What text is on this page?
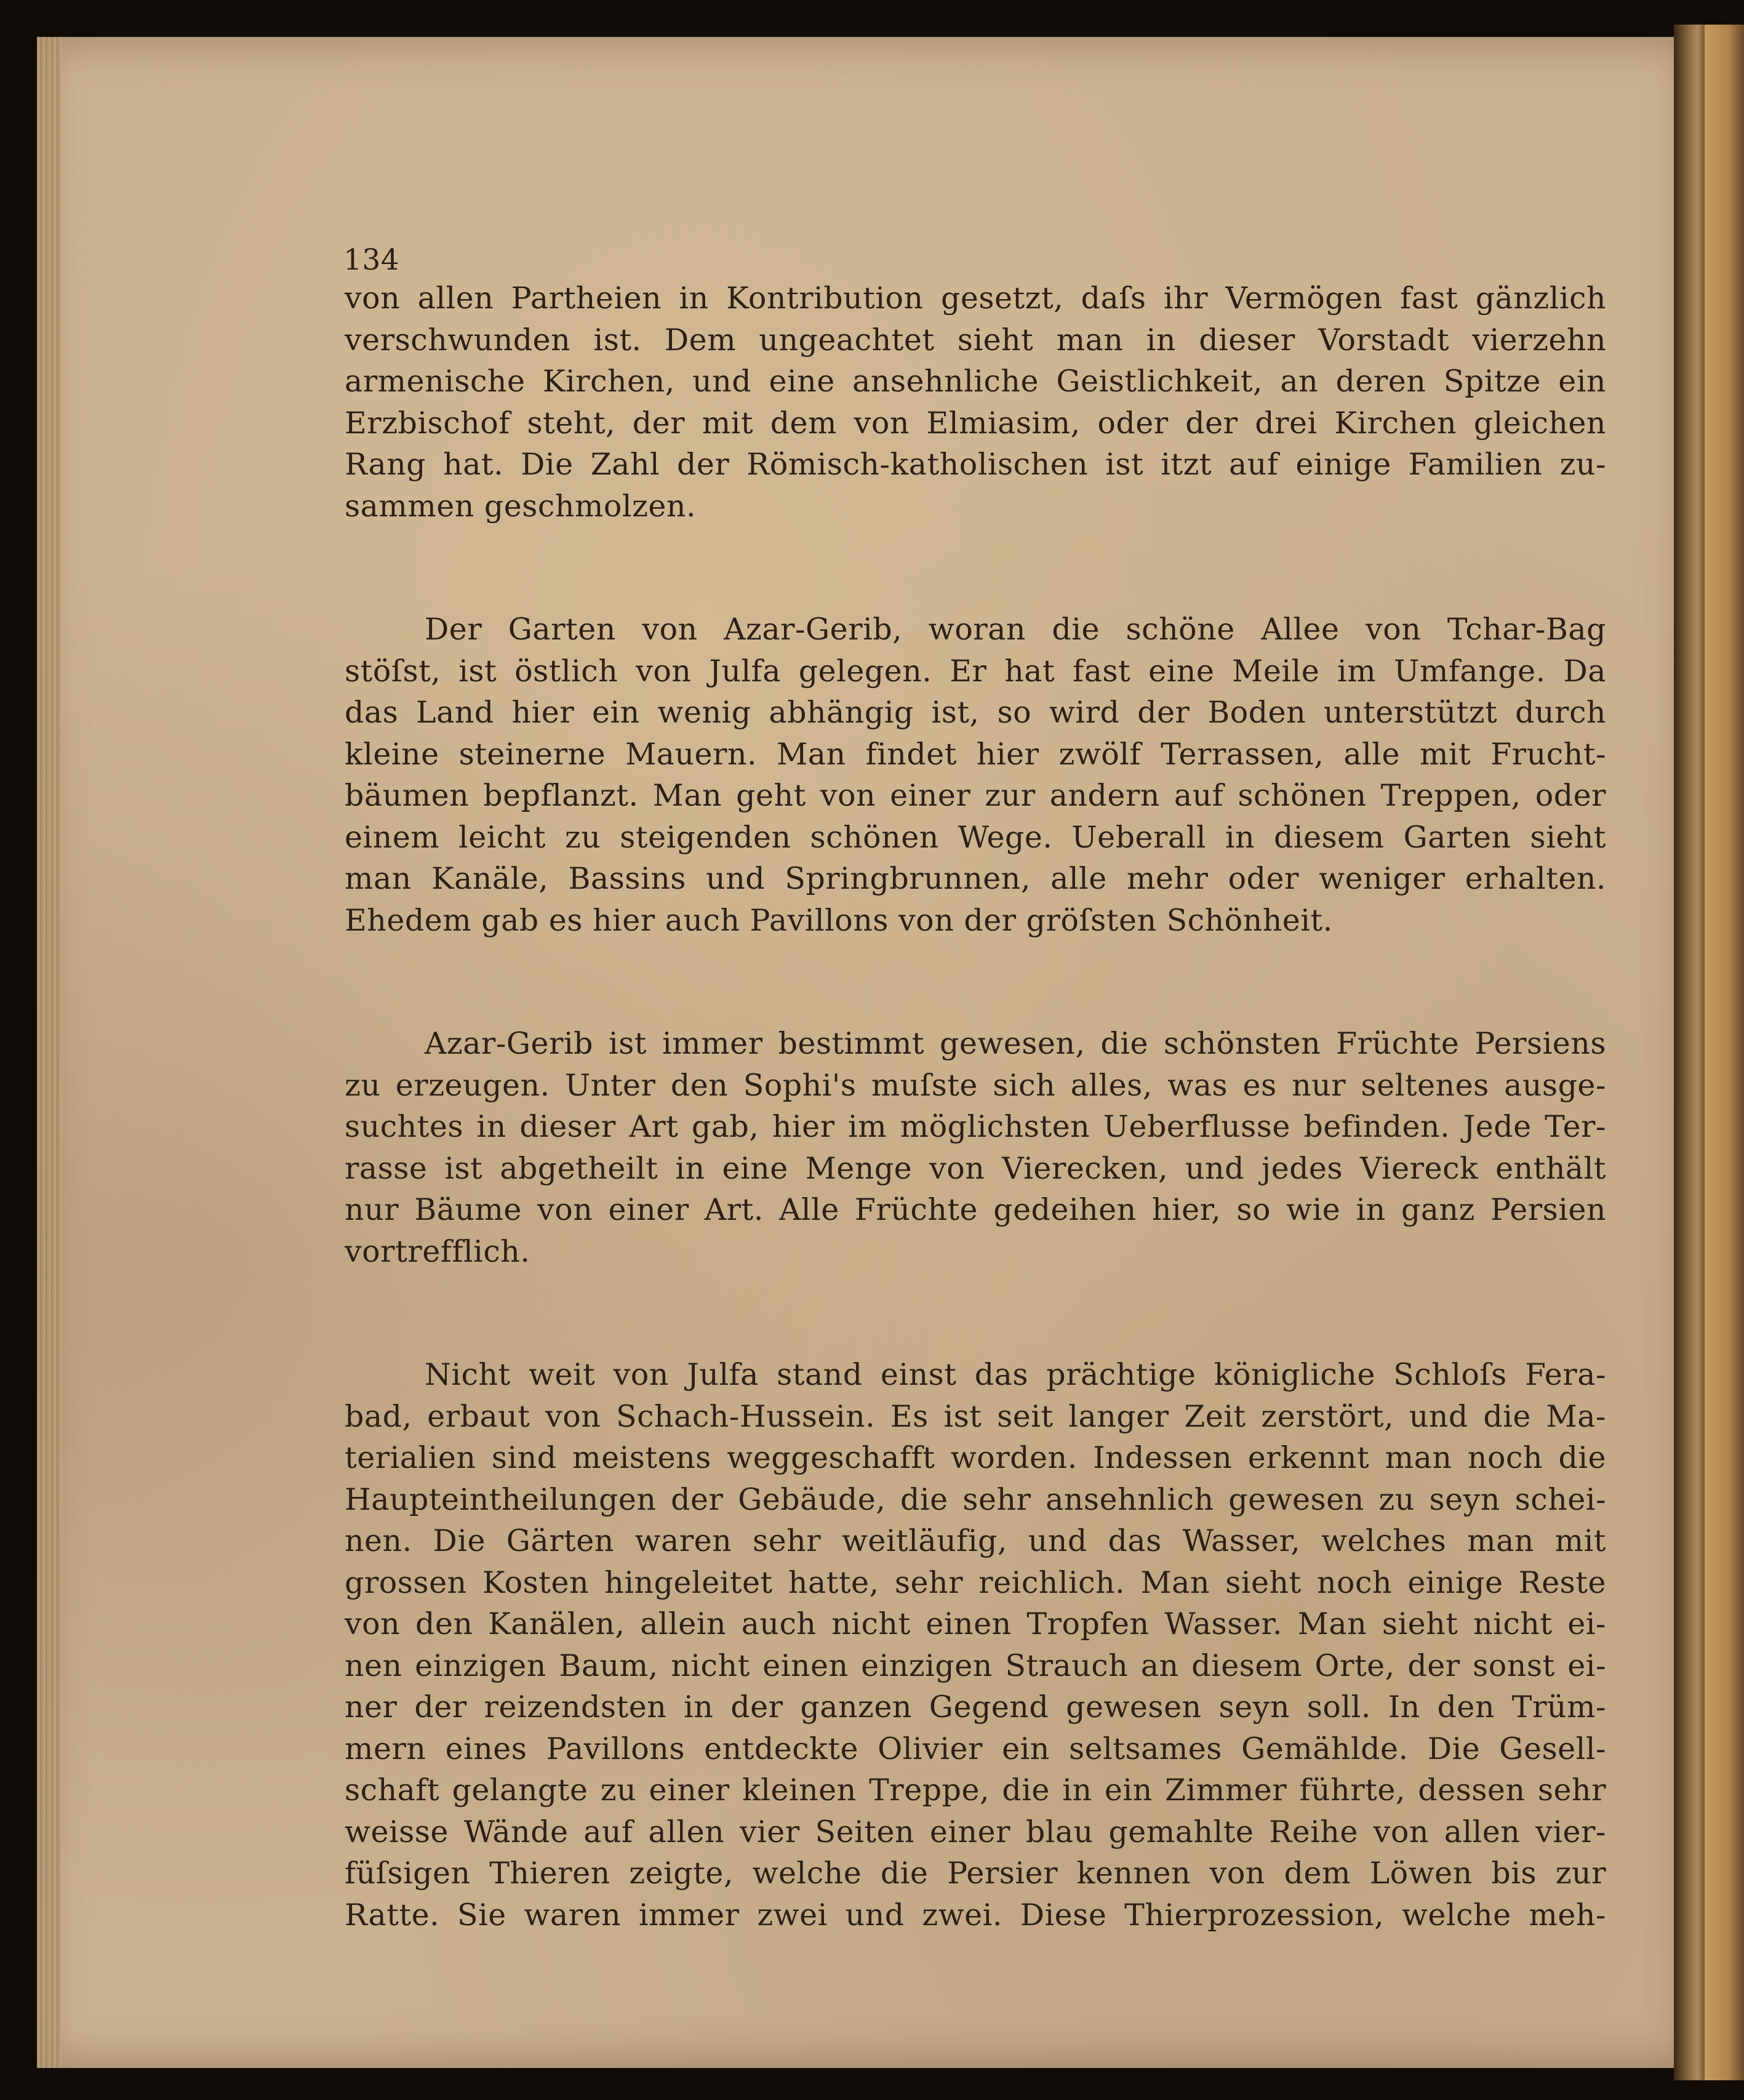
134

von allen Partheien in Kontribution gesetzt, daſs ihr Vermögen fast gänzlich

verschwunden ist. Dem ungeachtet sieht man in dieser Vorstadt vierzehn

armenische Kirchen, und eine ansehnliche Geistlichkeit, an deren Spitze ein

Erzbischof steht, der mit dem von Elmiasim, oder der drei Kirchen gleichen

Rang hat. Die Zahl der Römisch-katholischen ist itzt auf einige Familien zu-

sammen geschmolzen.

Der Garten von Azar-Gerib, woran die schöne Allee von Tchar-Bag

stöſst, ist östlich von Julfa gelegen. Er hat fast eine Meile im Umfange. Da

das Land hier ein wenig abhängig ist, so wird der Boden unterstützt durch

kleine steinerne Mauern. Man findet hier zwölf Terrassen, alle mit Frucht-

bäumen bepflanzt. Man geht von einer zur andern auf schönen Treppen, oder

einem leicht zu steigenden schönen Wege. Ueberall in diesem Garten sieht

man Kanäle, Bassins und Springbrunnen, alle mehr oder weniger erhalten.

Ehedem gab es hier auch Pavillons von der gröſsten Schönheit.

Azar-Gerib ist immer bestimmt gewesen, die schönsten Früchte Persiens

zu erzeugen. Unter den Sophi's muſste sich alles, was es nur seltenes ausge-

suchtes in dieser Art gab, hier im möglichsten Ueberflusse befinden. Jede Ter-

rasse ist abgetheilt in eine Menge von Vierecken, und jedes Viereck enthält

nur Bäume von einer Art. Alle Früchte gedeihen hier, so wie in ganz Persien

vortrefflich.

Nicht weit von Julfa stand einst das prächtige königliche Schloſs Fera-

bad, erbaut von Schach-Hussein. Es ist seit langer Zeit zerstört, und die Ma-

terialien sind meistens weggeschafft worden. Indessen erkennt man noch die

Haupteintheilungen der Gebäude, die sehr ansehnlich gewesen zu seyn schei-

nen. Die Gärten waren sehr weitläufig, und das Wasser, welches man mit

grossen Kosten hingeleitet hatte, sehr reichlich. Man sieht noch einige Reste

von den Kanälen, allein auch nicht einen Tropfen Wasser. Man sieht nicht ei-

nen einzigen Baum, nicht einen einzigen Strauch an diesem Orte, der sonst ei-

ner der reizendsten in der ganzen Gegend gewesen seyn soll. In den Trüm-

mern eines Pavillons entdeckte Olivier ein seltsames Gemählde. Die Gesell-

schaft gelangte zu einer kleinen Treppe, die in ein Zimmer führte, dessen sehr

weisse Wände auf allen vier Seiten einer blau gemahlte Reihe von allen vier-

füſsigen Thieren zeigte, welche die Persier kennen von dem Löwen bis zur

Ratte. Sie waren immer zwei und zwei. Diese Thierprozession, welche meh-
